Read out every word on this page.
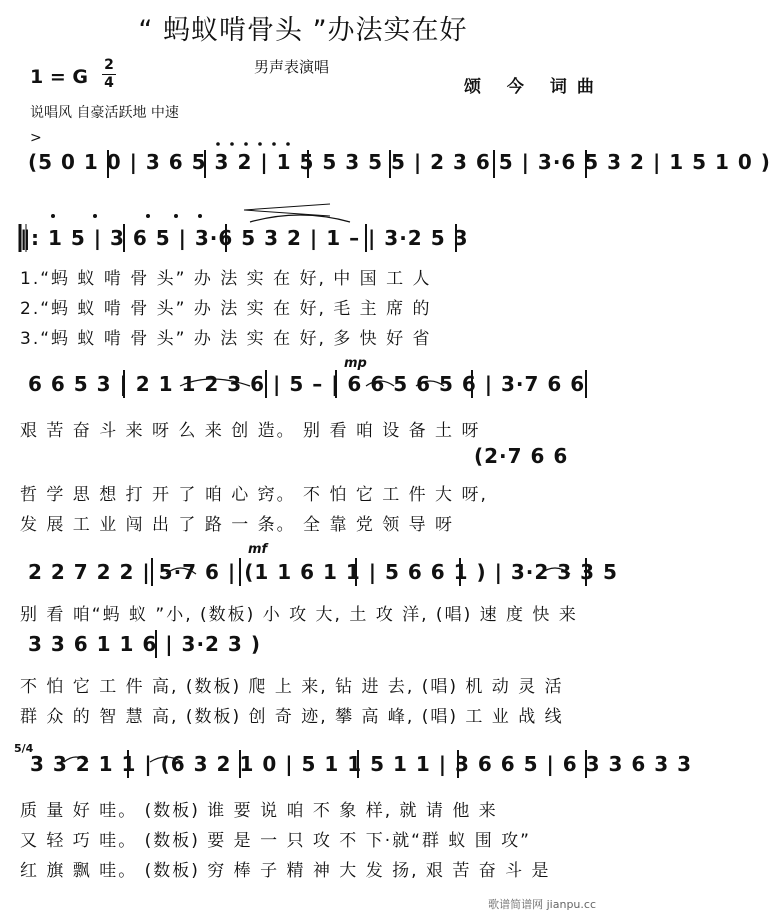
“ 蚂蚁啃骨头 ”办法实在好
男声表演唱
1 = G
2
4	颂 今 词曲
说唱风 自豪活跃地 中速
(5 0 1 0 | 3 6 5 3 2 | 1 5 5 3 5 5 | 2 3 6 5 | 3·6 5 3 2 | 1 5 1 0 )
>
‖: 1 5 | 3 6 5 | 3·6 5 3 2 | 1 – | 3·2 5 3
1.“蚂 蚁 啃 骨 头” 办 法 实 在 好, 中 国 工 人
2.“蚂 蚁 啃 骨 头” 办 法 实 在 好, 毛 主 席 的
3.“蚂 蚁 啃 骨 头” 办 法 实 在 好, 多 快 好 省
mp
6 6 5 3 | 2 1 1 2 3 6 | 5 – | 6 6 5 6 5 6 | 3·7 6 6
艰 苦 奋 斗 来 呀 么 来 创 造。 别 看 咱 设 备 土 呀
(2·7 6 6
哲 学 思 想 打 开 了 咱 心 窍。 不 怕 它 工 件 大 呀,
发 展 工 业 闯 出 了 路 一 条。 全 靠 党 领 导 呀
mf
2 2 7 2 2 | 5·7 6 | (1 1 6 1 1 | 5 6 6 1 ) | 3·2 3 3 5
别 看 咱“蚂 蚁 ”小, (数板) 小 攻 大, 土 攻 洋, (唱) 速 度 快 来
3 3 6 1 1 6 | 3·2 3 )
不 怕 它 工 件 高, (数板) 爬 上 来, 钻 进 去, (唱) 机 动 灵 活
群 众 的 智 慧 高, (数板) 创 奇 迹, 攀 高 峰, (唱) 工 业 战 线
5/4
3 3 2 1 1 | (6 3 2 1 0 | 5 1 1 5 1 1 | 3 6 6 5 | 6 3 3 6 3 3
质 量 好 哇。 (数板) 谁 要 说 咱 不 象 样, 就 请 他 来
又 轻 巧 哇。 (数板) 要 是 一 只 攻 不 下·就“群 蚁 围 攻”
红 旗 飘 哇。 (数板) 穷 棒 子 精 神 大 发 扬, 艰 苦 奋 斗 是
歌谱简谱网 jianpu.cc
